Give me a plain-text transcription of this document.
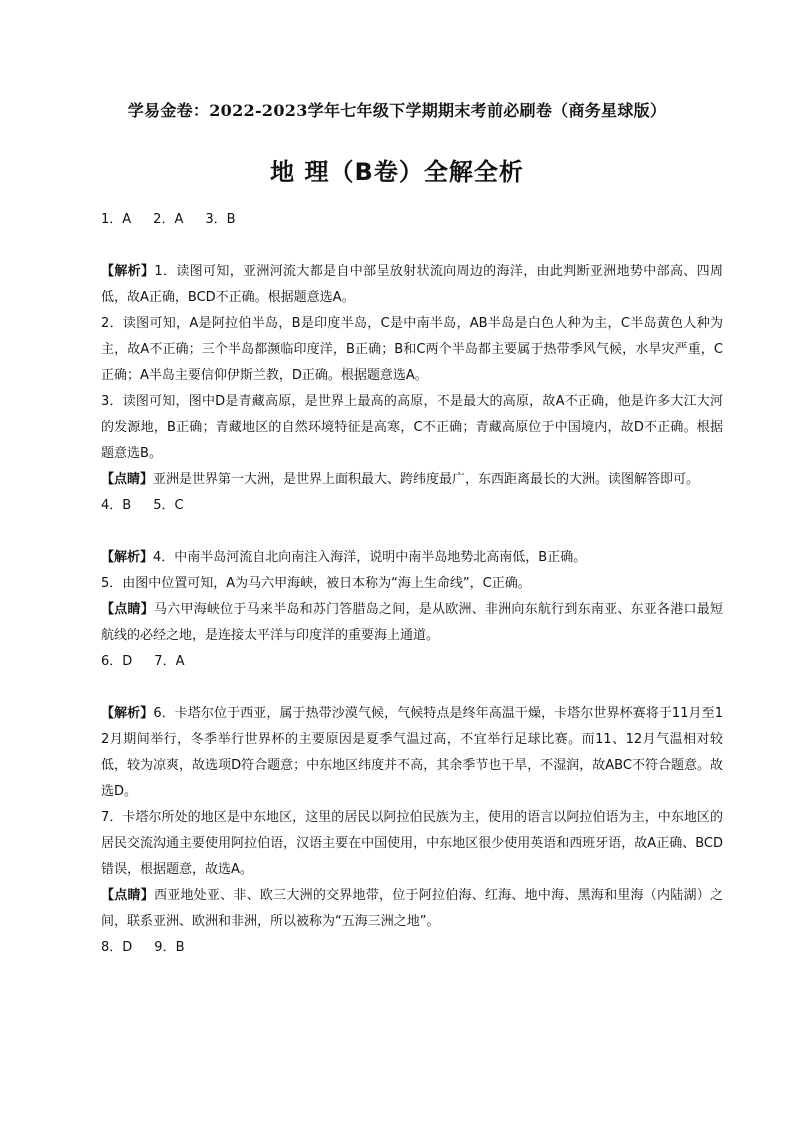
学易金卷：2022-2023学年七年级下学期期末考前必刷卷（商务星球版）
地 理（B卷）全解全析
1．A 2．A 3．B

【解析】1．读图可知，亚洲河流大都是自中部呈放射状流向周边的海洋，由此判断亚洲地势中部高、四周低，故A正确，BCD不正确。根据题意选A。

2．读图可知，A是阿拉伯半岛，B是印度半岛，C是中南半岛，AB半岛是白色人种为主，C半岛黄色人种为主，故A不正确；三个半岛都濒临印度洋，B正确；B和C两个半岛都主要属于热带季风气候，水旱灾严重，C正确；A半岛主要信仰伊斯兰教，D正确。根据题意选A。

3．读图可知，图中D是青藏高原，是世界上最高的高原，不是最大的高原，故A不正确，他是许多大江大河的发源地，B正确；青藏地区的自然环境特征是高寒，C不正确；青藏高原位于中国境内，故D不正确。根据题意选B。

【点睛】亚洲是世界第一大洲，是世界上面积最大、跨纬度最广，东西距离最长的大洲。读图解答即可。

4．B 5．C

【解析】4．中南半岛河流自北向南注入海洋，说明中南半岛地势北高南低，B正确。

5．由图中位置可知，A为马六甲海峡，被日本称为“海上生命线”，C正确。

【点睛】马六甲海峡位于马来半岛和苏门答腊岛之间，是从欧洲、非洲向东航行到东南亚、东亚各港口最短航线的必经之地，是连接太平洋与印度洋的重要海上通道。

6．D 7．A

【解析】6．卡塔尔位于西亚，属于热带沙漠气候，气候特点是终年高温干燥，卡塔尔世界杯赛将于11月至12月期间举行，冬季举行世界杯的主要原因是夏季气温过高，不宜举行足球比赛。而11、12月气温相对较低，较为凉爽，故选项D符合题意；中东地区纬度并不高，其余季节也干旱，不湿润，故ABC不符合题意。故选D。

7．卡塔尔所处的地区是中东地区，这里的居民以阿拉伯民族为主，使用的语言以阿拉伯语为主，中东地区的居民交流沟通主要使用阿拉伯语，汉语主要在中国使用，中东地区很少使用英语和西班牙语，故A正确、BCD错误，根据题意，故选A。

【点睛】西亚地处亚、非、欧三大洲的交界地带，位于阿拉伯海、红海、地中海、黑海和里海（内陆湖）之间，联系亚洲、欧洲和非洲，所以被称为“五海三洲之地”。

8．D 9．B
